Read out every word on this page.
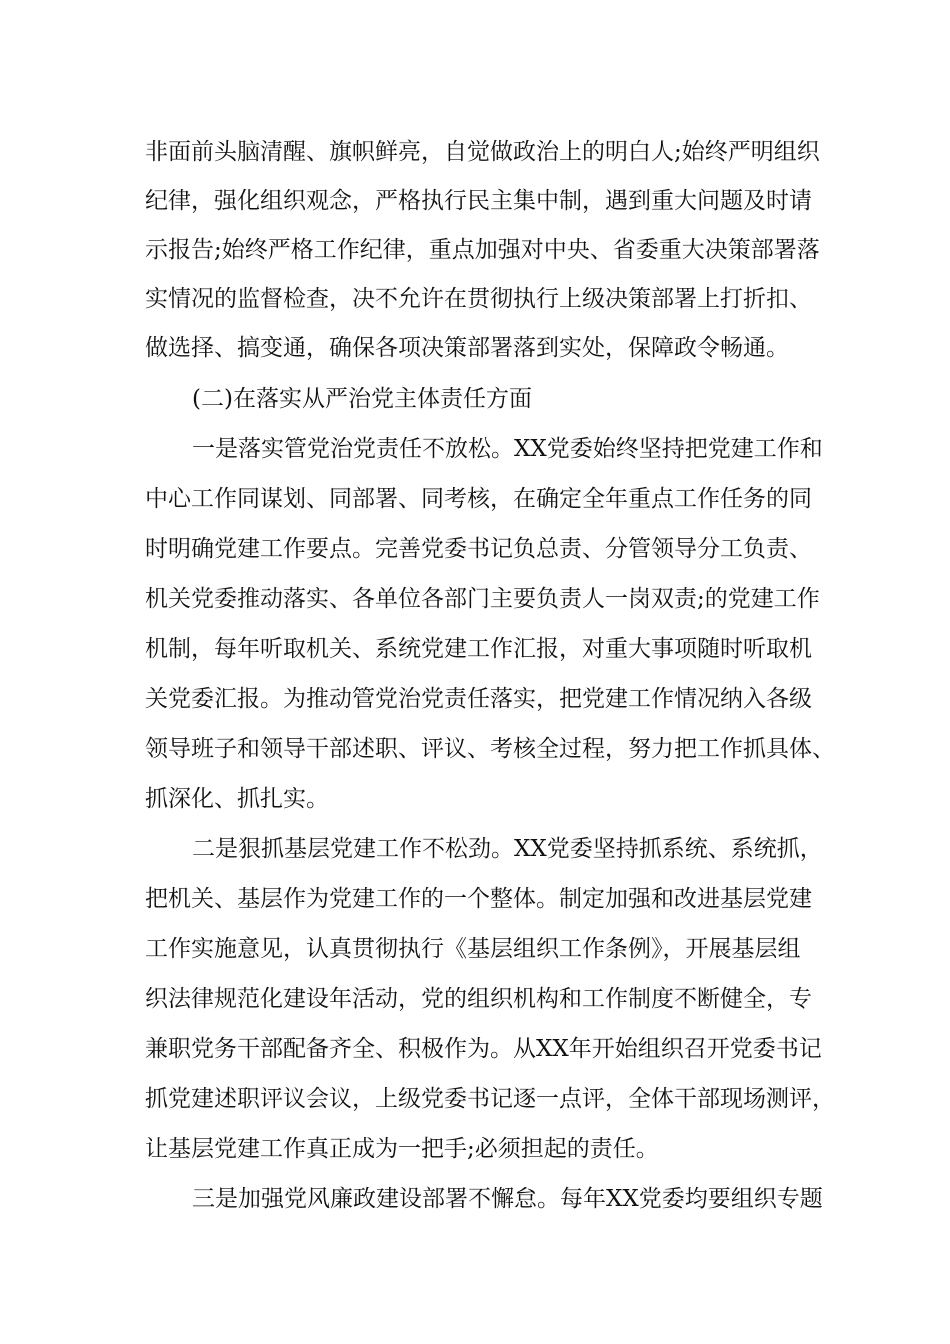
非面前头脑清醒、旗帜鲜亮，自觉做政治上的明白人;始终严明组织
纪律，强化组织观念，严格执行民主集中制，遇到重大问题及时请
示报告;始终严格工作纪律，重点加强对中央、省委重大决策部署落
实情况的监督检查，决不允许在贯彻执行上级决策部署上打折扣、
做选择、搞变通，确保各项决策部署落到实处，保障政令畅通。
(二)在落实从严治党主体责任方面
一是落实管党治党责任不放松。XX党委始终坚持把党建工作和
中心工作同谋划、同部署、同考核，在确定全年重点工作任务的同
时明确党建工作要点。完善党委书记负总责、分管领导分工负责、
机关党委推动落实、各单位各部门主要负责人一岗双责;的党建工作
机制，每年听取机关、系统党建工作汇报，对重大事项随时听取机
关党委汇报。为推动管党治党责任落实，把党建工作情况纳入各级
领导班子和领导干部述职、评议、考核全过程，努力把工作抓具体、
抓深化、抓扎实。
二是狠抓基层党建工作不松劲。XX党委坚持抓系统、系统抓，
把机关、基层作为党建工作的一个整体。制定加强和改进基层党建
工作实施意见，认真贯彻执行《基层组织工作条例》，开展基层组
织法律规范化建设年活动，党的组织机构和工作制度不断健全，专
兼职党务干部配备齐全、积极作为。从XX年开始组织召开党委书记
抓党建述职评议会议，上级党委书记逐一点评，全体干部现场测评，
让基层党建工作真正成为一把手;必须担起的责任。
三是加强党风廉政建设部署不懈怠。每年XX党委均要组织专题
